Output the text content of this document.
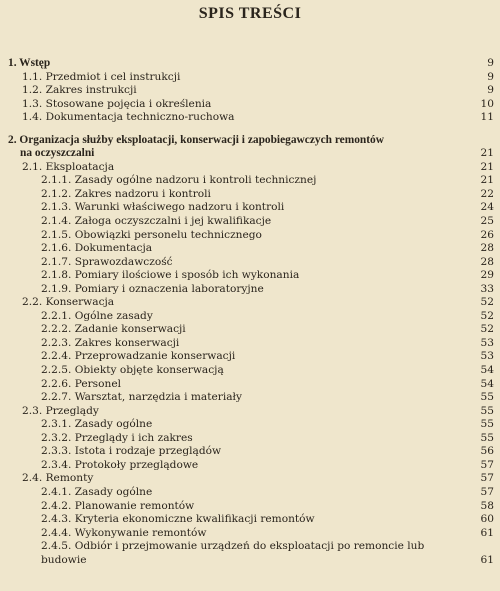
SPIS TREŚCI
1. Wstęp	9
1.1. Przedmiot i cel instrukcji	9
1.2. Zakres instrukcji	9
1.3. Stosowane pojęcia i określenia	10
1.4. Dokumentacja techniczno-ruchowa	11
2. Organizacja służby eksploatacji, konserwacji i zapobiegawczych remontów
na oczyszczalni	21
2.1. Eksploatacja	21
2.1.1. Zasady ogólne nadzoru i kontroli technicznej	21
2.1.2. Zakres nadzoru i kontroli	22
2.1.3. Warunki właściwego nadzoru i kontroli	24
2.1.4. Załoga oczyszczalni i jej kwalifikacje	25
2.1.5. Obowiązki personelu technicznego	26
2.1.6. Dokumentacja	28
2.1.7. Sprawozdawczość	28
2.1.8. Pomiary ilościowe i sposób ich wykonania	29
2.1.9. Pomiary i oznaczenia laboratoryjne	33
2.2. Konserwacja	52
2.2.1. Ogólne zasady	52
2.2.2. Zadanie konserwacji	52
2.2.3. Zakres konserwacji	53
2.2.4. Przeprowadzanie konserwacji	53
2.2.5. Obiekty objęte konserwacją	54
2.2.6. Personel	54
2.2.7. Warsztat, narzędzia i materiały	55
2.3. Przeglądy	55
2.3.1. Zasady ogólne	55
2.3.2. Przeglądy i ich zakres	55
2.3.3. Istota i rodzaje przeglądów	56
2.3.4. Protokoły przeglądowe	57
2.4. Remonty	57
2.4.1. Zasady ogólne	57
2.4.2. Planowanie remontów	58
2.4.3. Kryteria ekonomiczne kwalifikacji remontów	60
2.4.4. Wykonywanie remontów	61
2.4.5. Odbiór i przejmowanie urządzeń do eksploatacji po remoncie lub
budowie	61
